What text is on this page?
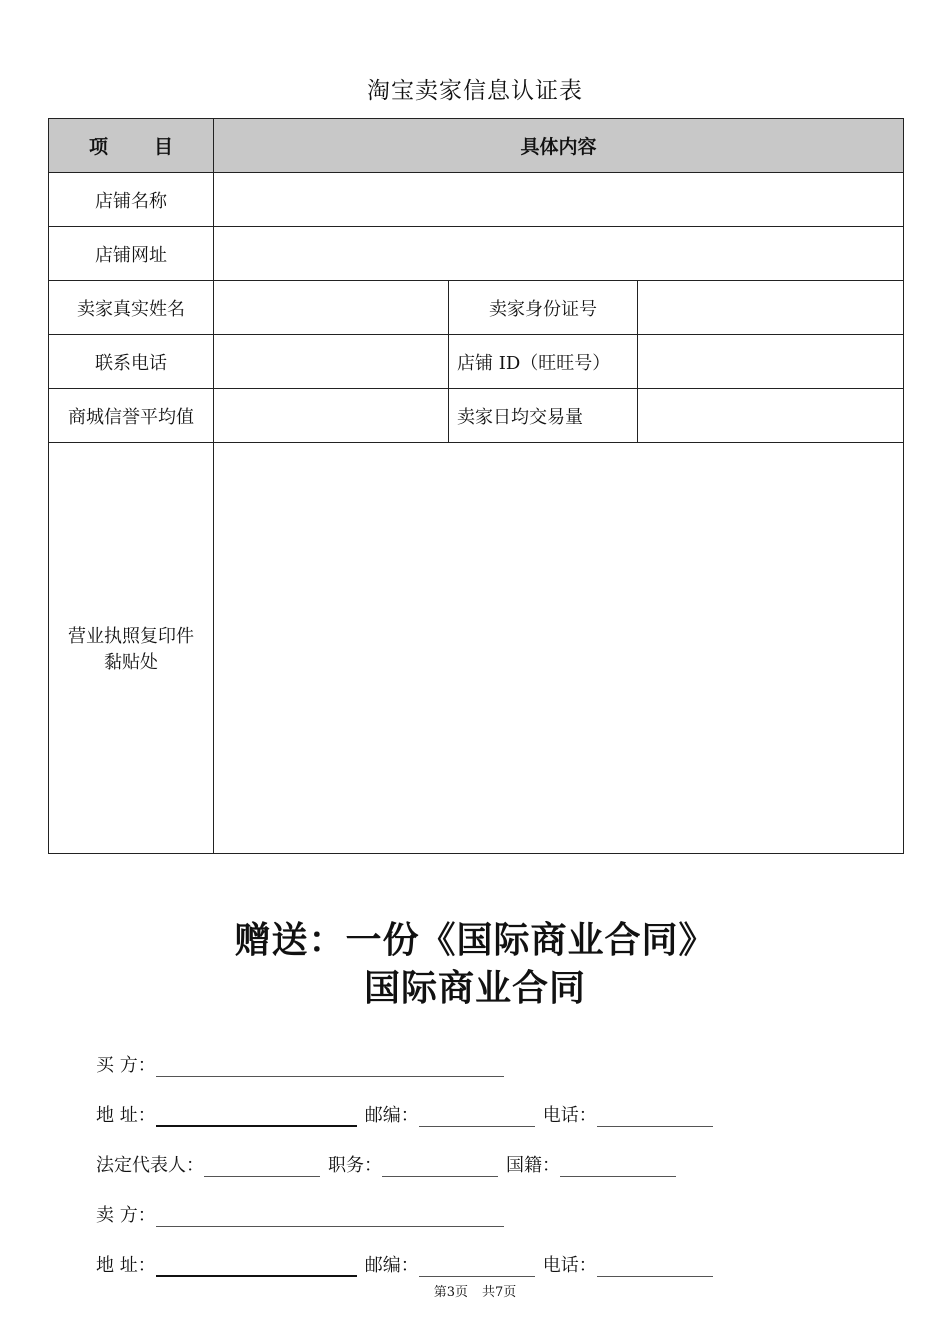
淘宝卖家信息认证表
项 目	具体内容		
店铺名称			
店铺网址			
卖家真实姓名		卖家身份证号	
联系电话		店铺 ID（旺旺号）	
商城信誉平均值		卖家日均交易量	

营业执照复印件
黏贴处			

赠送：一份《国际商业合同》
国际商业合同
买 方：
地 址：	邮编：	电话：
法定代表人：	职务：	国籍：
卖 方：
地 址：	邮编：	电话：
第3页 共7页
